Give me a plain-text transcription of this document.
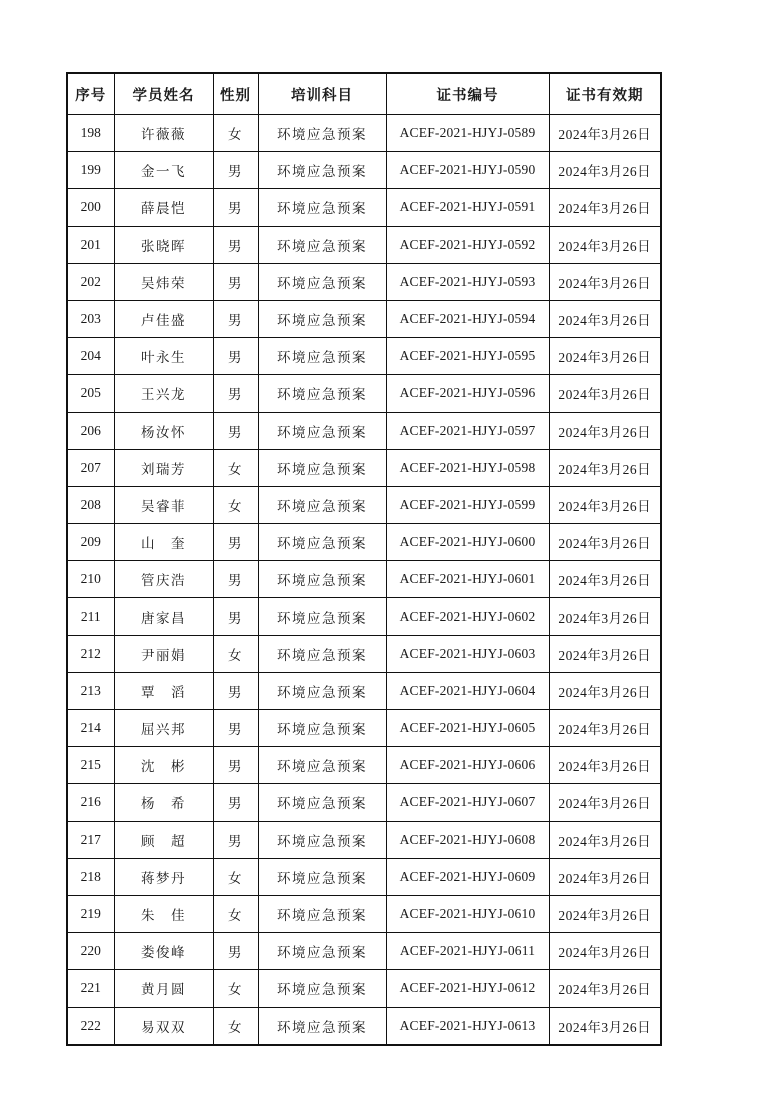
序号	学员姓名	性别	培训科目	证书编号	证书有效期
198	许薇薇	女	环境应急预案	ACEF-2021-HJYJ-0589	2024年3月26日
199	金一飞	男	环境应急预案	ACEF-2021-HJYJ-0590	2024年3月26日
200	薛晨恺	男	环境应急预案	ACEF-2021-HJYJ-0591	2024年3月26日
201	张晓晖	男	环境应急预案	ACEF-2021-HJYJ-0592	2024年3月26日
202	吴炜荣	男	环境应急预案	ACEF-2021-HJYJ-0593	2024年3月26日
203	卢佳盛	男	环境应急预案	ACEF-2021-HJYJ-0594	2024年3月26日
204	叶永生	男	环境应急预案	ACEF-2021-HJYJ-0595	2024年3月26日
205	王兴龙	男	环境应急预案	ACEF-2021-HJYJ-0596	2024年3月26日
206	杨汝怀	男	环境应急预案	ACEF-2021-HJYJ-0597	2024年3月26日
207	刘瑞芳	女	环境应急预案	ACEF-2021-HJYJ-0598	2024年3月26日
208	吴睿菲	女	环境应急预案	ACEF-2021-HJYJ-0599	2024年3月26日
209	山　奎	男	环境应急预案	ACEF-2021-HJYJ-0600	2024年3月26日
210	管庆浩	男	环境应急预案	ACEF-2021-HJYJ-0601	2024年3月26日
211	唐家昌	男	环境应急预案	ACEF-2021-HJYJ-0602	2024年3月26日
212	尹丽娟	女	环境应急预案	ACEF-2021-HJYJ-0603	2024年3月26日
213	覃　滔	男	环境应急预案	ACEF-2021-HJYJ-0604	2024年3月26日
214	屈兴邦	男	环境应急预案	ACEF-2021-HJYJ-0605	2024年3月26日
215	沈　彬	男	环境应急预案	ACEF-2021-HJYJ-0606	2024年3月26日
216	杨　希	男	环境应急预案	ACEF-2021-HJYJ-0607	2024年3月26日
217	顾　超	男	环境应急预案	ACEF-2021-HJYJ-0608	2024年3月26日
218	蒋梦丹	女	环境应急预案	ACEF-2021-HJYJ-0609	2024年3月26日
219	朱　佳	女	环境应急预案	ACEF-2021-HJYJ-0610	2024年3月26日
220	娄俊峰	男	环境应急预案	ACEF-2021-HJYJ-0611	2024年3月26日
221	黄月圆	女	环境应急预案	ACEF-2021-HJYJ-0612	2024年3月26日
222	易双双	女	环境应急预案	ACEF-2021-HJYJ-0613	2024年3月26日
